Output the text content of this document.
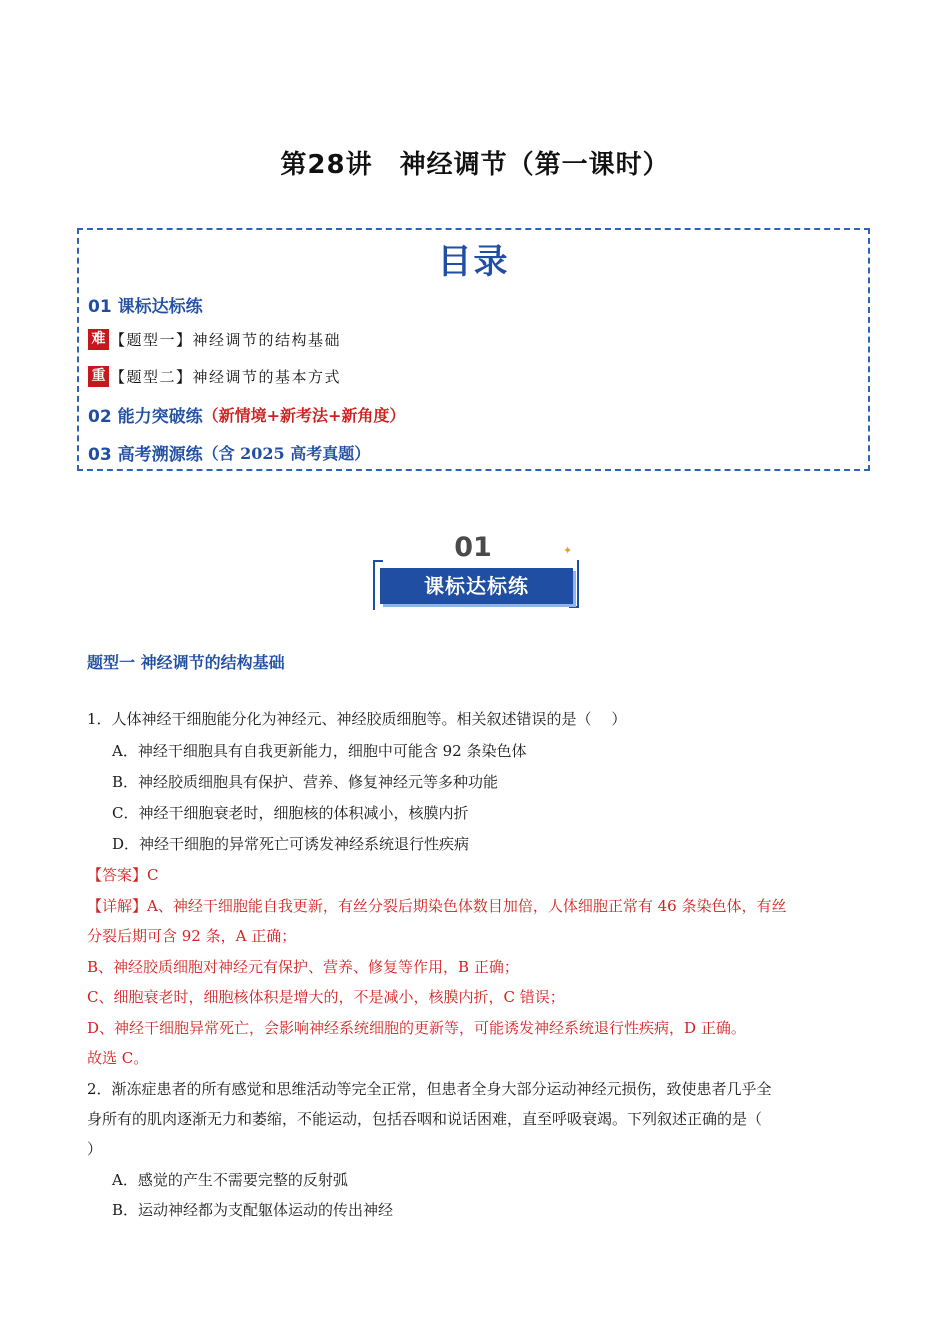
第28讲　神经调节（第一课时）
目录
01 课标达标练
难 【题型一】神经调节的结构基础
重 【题型二】神经调节的基本方式
02 能力突破练 （新情境+新考法+新角度）
03 高考溯源练 （含 2025 高考真题）
01
课标达标练
✦
题型一 神经调节的结构基础
1．人体神经干细胞能分化为神经元、神经胶质细胞等。相关叙述错误的是（　 ）
A．神经干细胞具有自我更新能力，细胞中可能含 92 条染色体
B．神经胶质细胞具有保护、营养、修复神经元等多种功能
C．神经干细胞衰老时，细胞核的体积减小，核膜内折
D．神经干细胞的异常死亡可诱发神经系统退行性疾病
【答案】C
【详解】A、神经干细胞能自我更新，有丝分裂后期染色体数目加倍，人体细胞正常有 46 条染色体，有丝
分裂后期可含 92 条，A 正确；
B、神经胶质细胞对神经元有保护、营养、修复等作用，B 正确；
C、细胞衰老时，细胞核体积是增大的，不是减小，核膜内折，C 错误；
D、神经干细胞异常死亡，会影响神经系统细胞的更新等，可能诱发神经系统退行性疾病，D 正确。
故选 C。
2．渐冻症患者的所有感觉和思维活动等完全正常，但患者全身大部分运动神经元损伤，致使患者几乎全
身所有的肌肉逐渐无力和萎缩，不能运动，包括吞咽和说话困难，直至呼吸衰竭。下列叙述正确的是（
）
A．感觉的产生不需要完整的反射弧
B．运动神经都为支配躯体运动的传出神经
